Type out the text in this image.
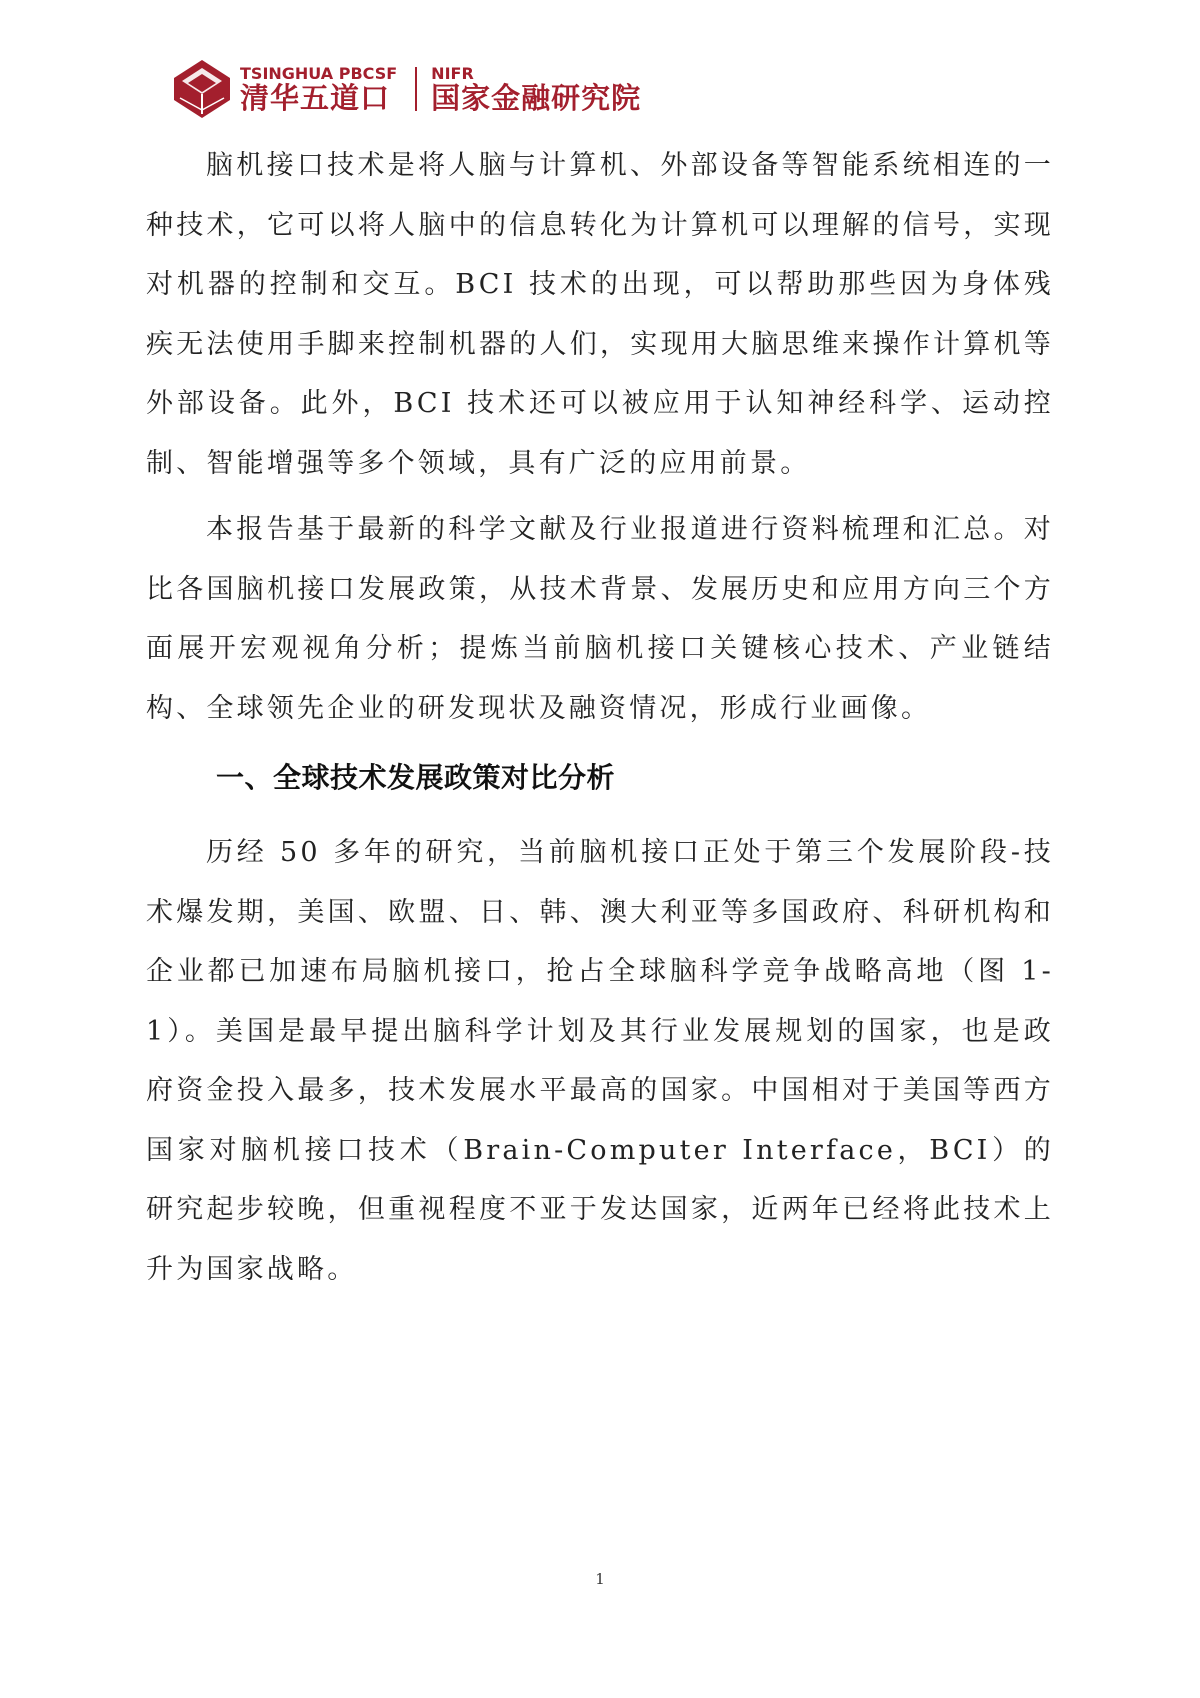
TSINGHUA PBCSF
清华五道口
NIFR
国家金融研究院

脑机接口技术是将人脑与计算机、外部设备等智能系统相连的一种技术，它可以将人脑中的信息转化为计算机可以理解的信号，实现对机器的控制和交互。BCI 技术的出现，可以帮助那些因为身体残疾无法使用手脚来控制机器的人们，实现用大脑思维来操作计算机等外部设备。此外，BCI 技术还可以被应用于认知神经科学、运动控制、智能增强等多个领域，具有广泛的应用前景。

本报告基于最新的科学文献及行业报道进行资料梳理和汇总。对比各国脑机接口发展政策，从技术背景、发展历史和应用方向三个方面展开宏观视角分析；提炼当前脑机接口关键核心技术、产业链结构、全球领先企业的研发现状及融资情况，形成行业画像。

一、全球技术发展政策对比分析

历经 50 多年的研究，当前脑机接口正处于第三个发展阶段-技术爆发期，美国、欧盟、日、韩、澳大利亚等多国政府、科研机构和企业都已加速布局脑机接口，抢占全球脑科学竞争战略高地（图 1-1）。美国是最早提出脑科学计划及其行业发展规划的国家，也是政府资金投入最多，技术发展水平最高的国家。中国相对于美国等西方国家对脑机接口技术（Brain-Computer Interface，BCI）的研究起步较晚，但重视程度不亚于发达国家，近两年已经将此技术上升为国家战略。

1
